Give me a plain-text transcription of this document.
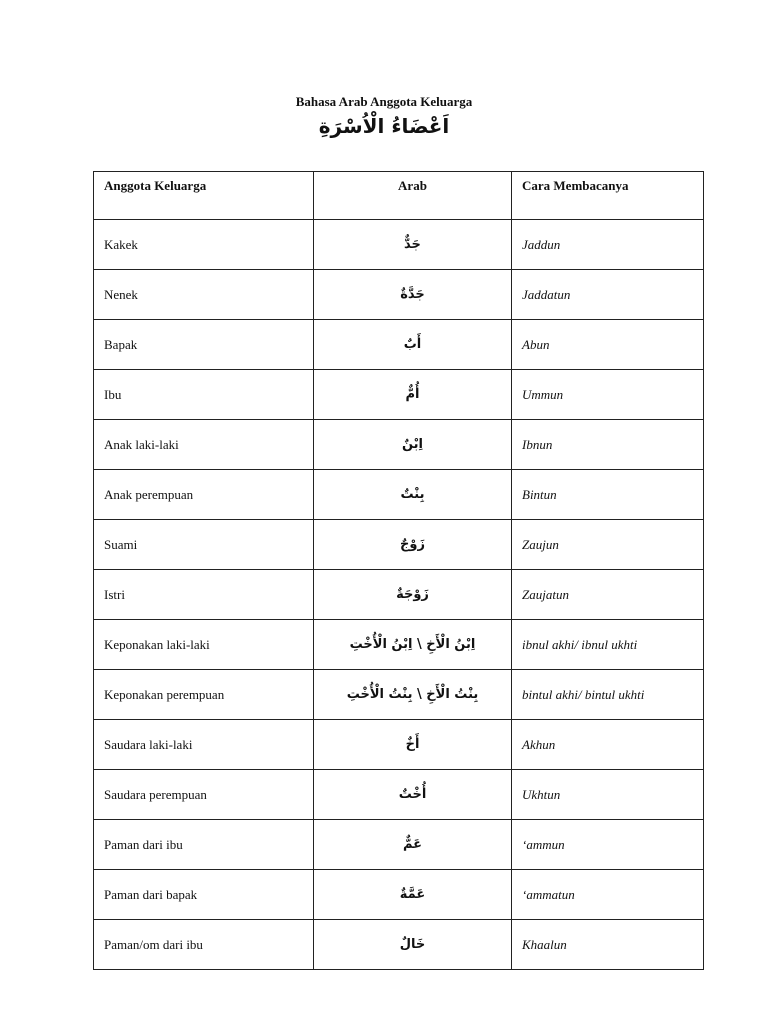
Bahasa Arab Anggota Keluarga
اَعْضَاءُ الْاُسْرَةِ
Anggota Keluarga	Arab	Cara Membacanya
Kakek	جَدٌّ	Jaddun
Nenek	جَدَّةٌ	Jaddatun
Bapak	أَبٌ	Abun
Ibu	أُمٌّ	Ummun
Anak laki-laki	اِبْنٌ	Ibnun
Anak perempuan	بِنْتٌ	Bintun
Suami	زَوْجٌ	Zaujun
Istri	زَوْجَةٌ	Zaujatun
Keponakan laki-laki	اِبْنُ الْأَخِ \ اِبْنُ الْأُخْتِ	ibnul akhi/ ibnul ukhti
Keponakan perempuan	بِنْتُ الْأَخِ \ بِنْتُ الْأُخْتِ	bintul akhi/ bintul ukhti
Saudara laki-laki	أَخٌ	Akhun
Saudara perempuan	أُخْتٌ	Ukhtun
Paman dari ibu	عَمٌّ	‘ammun
Paman dari bapak	عَمَّةٌ	‘ammatun
Paman/om dari ibu	خَالٌ	Khaalun
